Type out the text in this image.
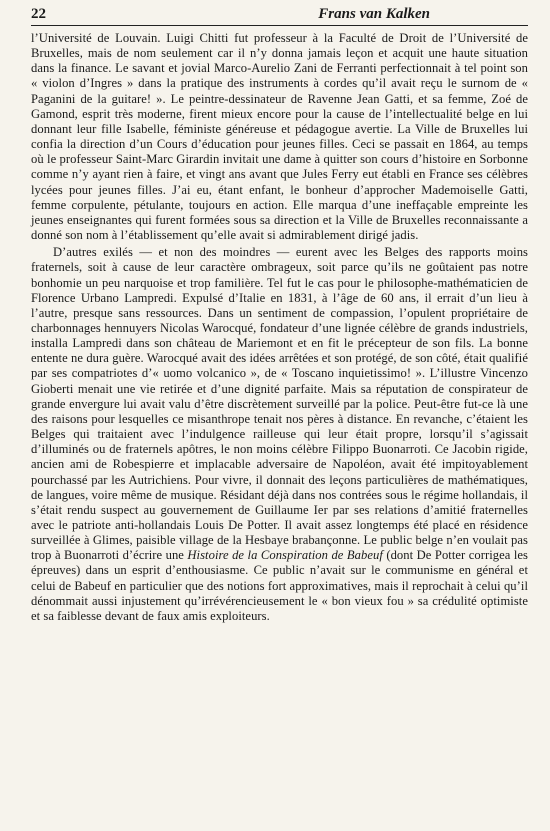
22	Frans van Kalken

l’Université de Louvain. Luigi Chitti fut professeur à la Faculté de Droit de l’Université de Bruxelles, mais de nom seulement car il n’y donna jamais leçon et acquit une haute situation dans la finance. Le savant et jovial Marco-Aurelio Zani de Ferranti perfectionnait à tel point son « violon d’Ingres » dans la pratique des instruments à cordes qu’il avait reçu le surnom de « Paganini de la guitare! ». Le peintre-dessinateur de Ravenne Jean Gatti, et sa femme, Zoé de Gamond, esprit très moderne, firent mieux encore pour la cause de l’intellectualité belge en lui donnant leur fille Isabelle, féministe généreuse et pédagogue avertie. La Ville de Bruxelles lui confia la direction d’un Cours d’éducation pour jeunes filles. Ceci se passait en 1864, au temps où le professeur Saint-Marc Girardin invitait une dame à quitter son cours d’histoire en Sorbonne comme n’y ayant rien à faire, et vingt ans avant que Jules Ferry eut établi en France ses célèbres lycées pour jeunes filles. J’ai eu, étant enfant, le bonheur d’approcher Mademoiselle Gatti, femme corpulente, pétulante, toujours en action. Elle marqua d’une ineffaçable empreinte les jeunes enseignantes qui furent formées sous sa direction et la Ville de Bruxelles reconnaissante a donné son nom à l’établissement qu’elle avait si admirablement dirigé jadis.

D’autres exilés — et non des moindres — eurent avec les Belges des rapports moins fraternels, soit à cause de leur caractère ombrageux, soit parce qu’ils ne goûtaient pas notre bonhomie un peu narquoise et trop familière. Tel fut le cas pour le philosophe-mathématicien de Florence Urbano Lampredi. Expulsé d’Italie en 1831, à l’âge de 60 ans, il errait d’un lieu à l’autre, presque sans ressources. Dans un sentiment de compassion, l’opulent propriétaire de charbonnages hennuyers Nicolas Warocqué, fondateur d’une lignée célèbre de grands industriels, installa Lampredi dans son château de Mariemont et en fit le précepteur de son fils. La bonne entente ne dura guère. Warocqué avait des idées arrêtées et son protégé, de son côté, était qualifié par ses compatriotes d’« uomo volcanico », de « Toscano inquietissimo! ». L’illustre Vincenzo Gioberti menait une vie retirée et d’une dignité parfaite. Mais sa réputation de conspirateur de grande envergure lui avait valu d’être discrètement surveillé par la police. Peut-être fut-ce là une des raisons pour lesquelles ce misanthrope tenait nos pères à distance. En revanche, c’étaient les Belges qui traitaient avec l’indulgence railleuse qui leur était propre, lorsqu’il s’agissait d’illuminés ou de fraternels apôtres, le non moins célèbre Filippo Buonarroti. Ce Jacobin rigide, ancien ami de Robespierre et implacable adversaire de Napoléon, avait été impitoyablement pourchassé par les Autrichiens. Pour vivre, il donnait des leçons particulières de mathématiques, de langues, voire même de musique. Résidant déjà dans nos contrées sous le régime hollandais, il s’était rendu suspect au gouvernement de Guillaume Ier par ses relations d’amitié fraternelles avec le patriote anti-hollandais Louis De Potter. Il avait assez longtemps été placé en résidence surveillée à Glimes, paisible village de la Hesbaye brabançonne. Le public belge n’en voulait pas trop à Buonarroti d’écrire une Histoire de la Conspiration de Babeuf (dont De Potter corrigea les épreuves) dans un esprit d’enthousiasme. Ce public n’avait sur le communisme en général et celui de Babeuf en particulier que des notions fort approximatives, mais il reprochait à celui qu’il dénommait aussi injustement qu’irrévérencieusement le « bon vieux fou » sa crédulité optimiste et sa faiblesse devant de faux amis exploiteurs.
